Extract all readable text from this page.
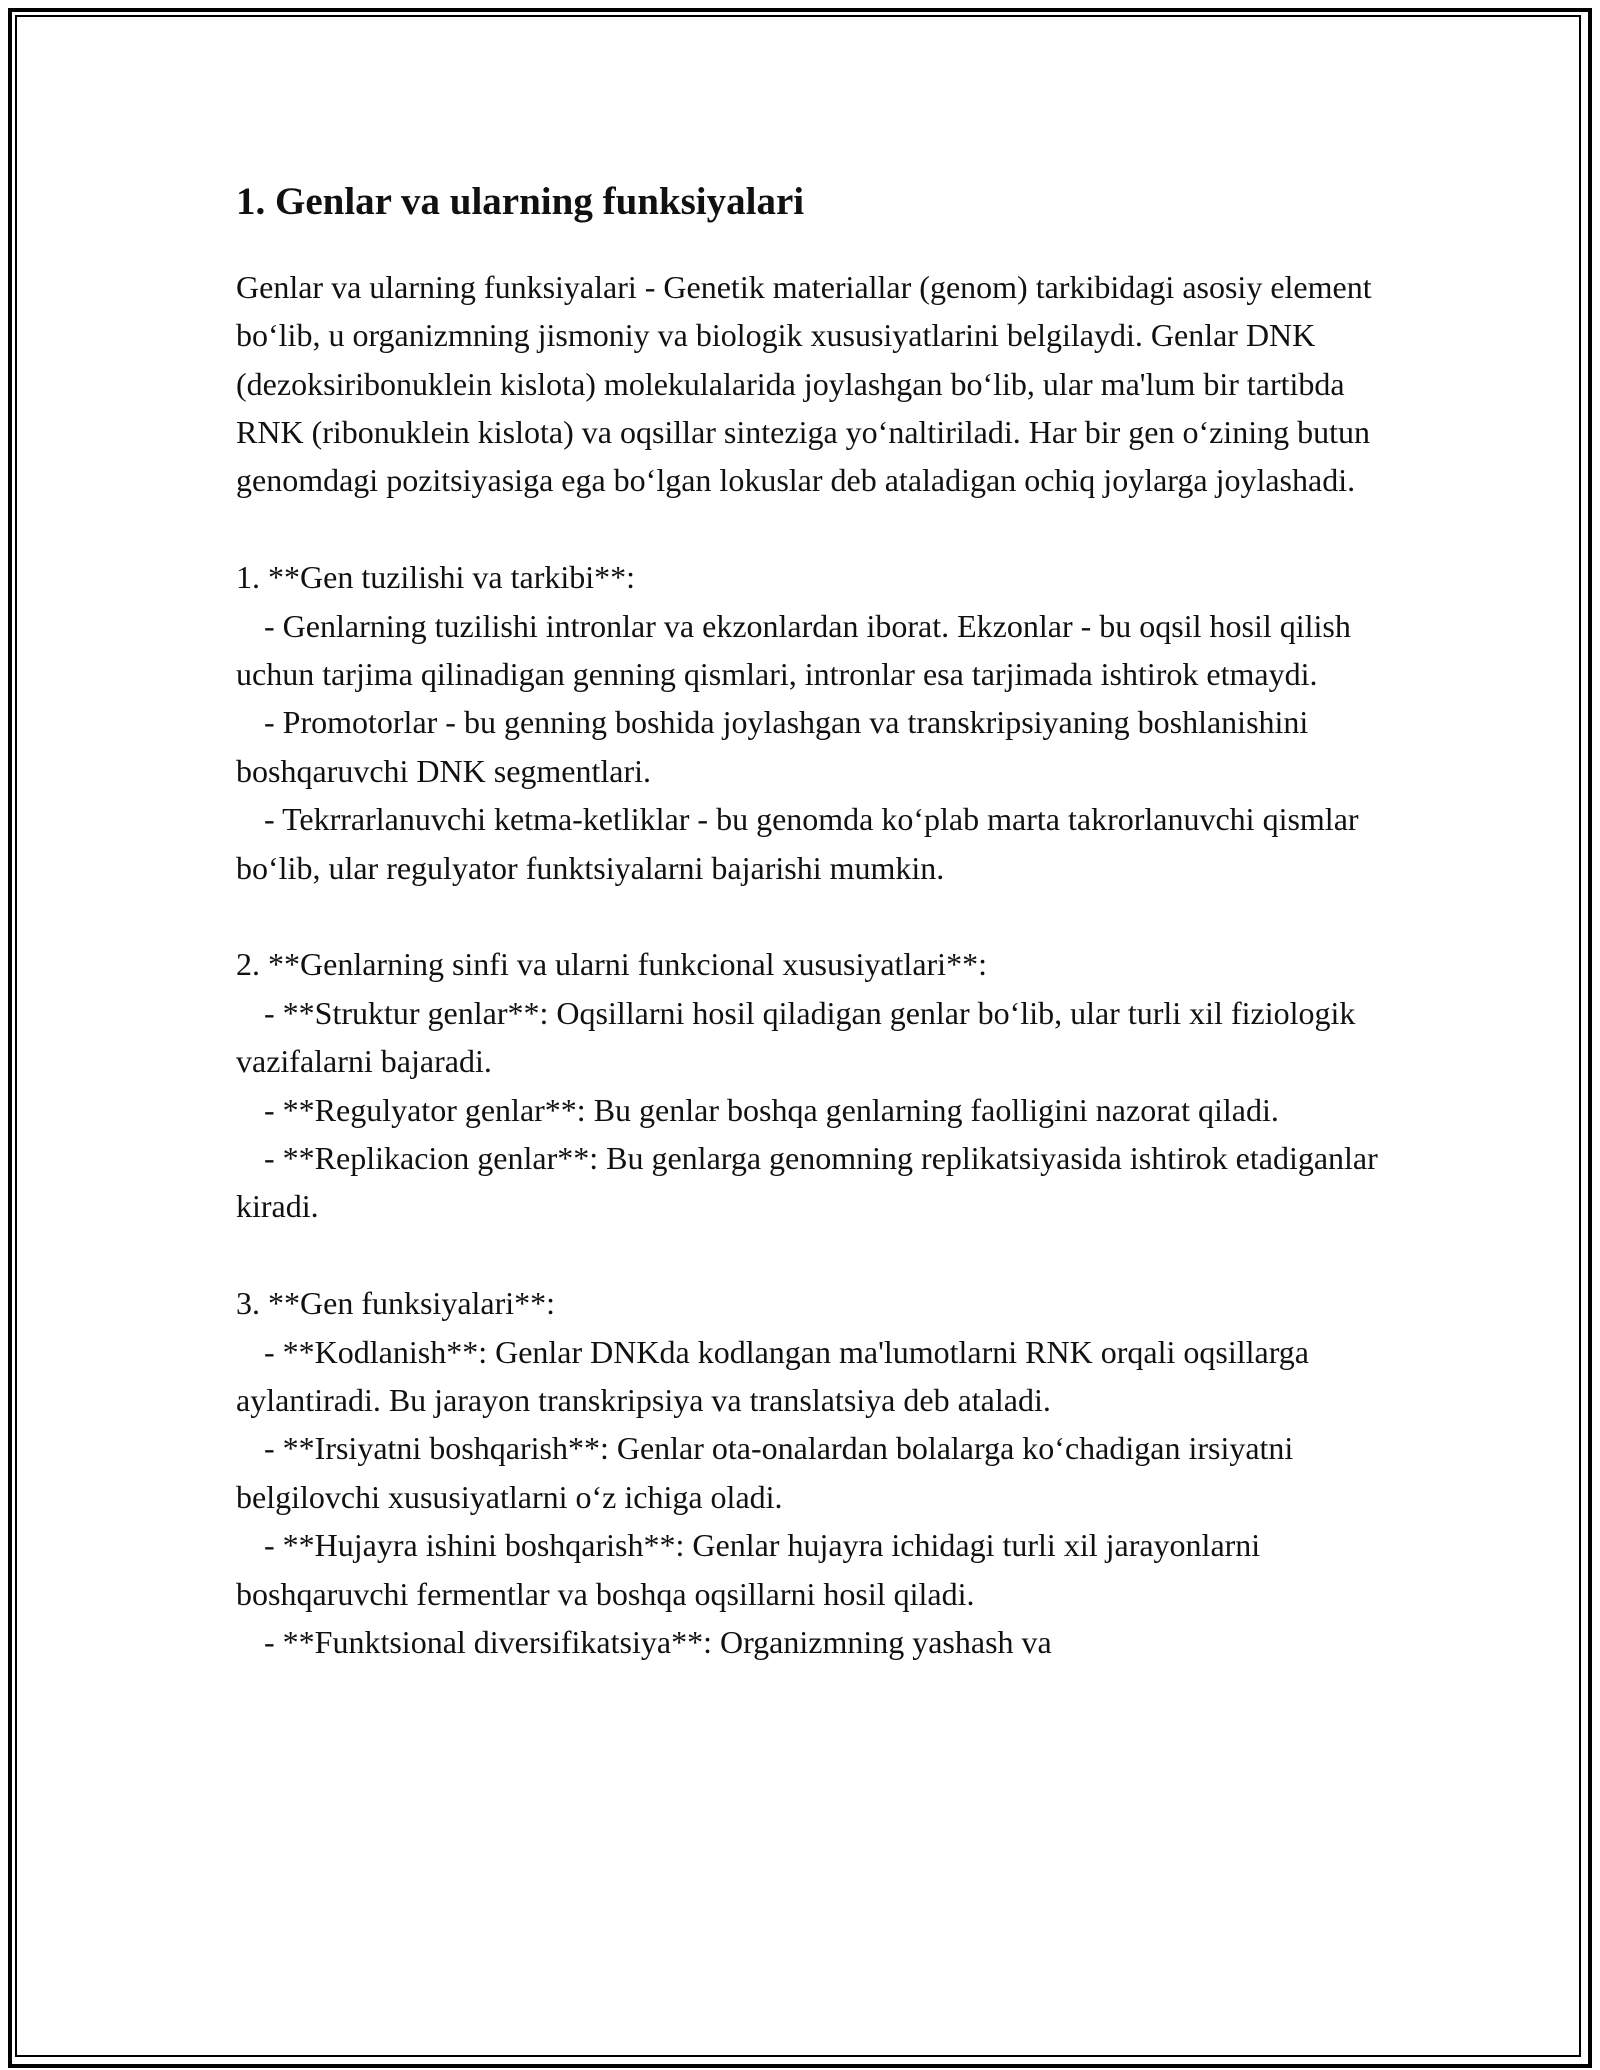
1. Genlar va ularning funksiyalari

Genlar va ularning funksiyalari - Genetik materiallar (genom) tarkibidagi asosiy element bo‘lib, u organizmning jismoniy va biologik xususiyatlarini belgilaydi. Genlar DNK (dezoksiribonuklein kislota) molekulalarida joylashgan bo‘lib, ular ma'lum bir tartibda RNK (ribonuklein kislota) va oqsillar sinteziga yo‘naltiriladi. Har bir gen o‘zining butun genomdagi pozitsiyasiga ega bo‘lgan lokuslar deb ataladigan ochiq joylarga joylashadi.

1. **Gen tuzilishi va tarkibi**:

- Genlarning tuzilishi intronlar va ekzonlardan iborat. Ekzonlar - bu oqsil hosil qilish uchun tarjima qilinadigan genning qismlari, intronlar esa tarjimada ishtirok etmaydi.

- Promotorlar - bu genning boshida joylashgan va transkripsiyaning boshlanishini boshqaruvchi DNK segmentlari.

- Tekrrarlanuvchi ketma-ketliklar - bu genomda ko‘plab marta takrorlanuvchi qismlar bo‘lib, ular regulyator funktsiyalarni bajarishi mumkin.

2. **Genlarning sinfi va ularni funkcional xususiyatlari**:

- **Struktur genlar**: Oqsillarni hosil qiladigan genlar bo‘lib, ular turli xil fiziologik vazifalarni bajaradi.

- **Regulyator genlar**: Bu genlar boshqa genlarning faolligini nazorat qiladi.

- **Replikacion genlar**: Bu genlarga genomning replikatsiyasida ishtirok etadiganlar kiradi.

3. **Gen funksiyalari**:

- **Kodlanish**: Genlar DNKda kodlangan ma'lumotlarni RNK orqali oqsillarga aylantiradi. Bu jarayon transkripsiya va translatsiya deb ataladi.

- **Irsiyatni boshqarish**: Genlar ota-onalardan bolalarga ko‘chadigan irsiyatni belgilovchi xususiyatlarni o‘z ichiga oladi.

- **Hujayra ishini boshqarish**: Genlar hujayra ichidagi turli xil jarayonlarni boshqaruvchi fermentlar va boshqa oqsillarni hosil qiladi.

- **Funktsional diversifikatsiya**: Organizmning yashash va
